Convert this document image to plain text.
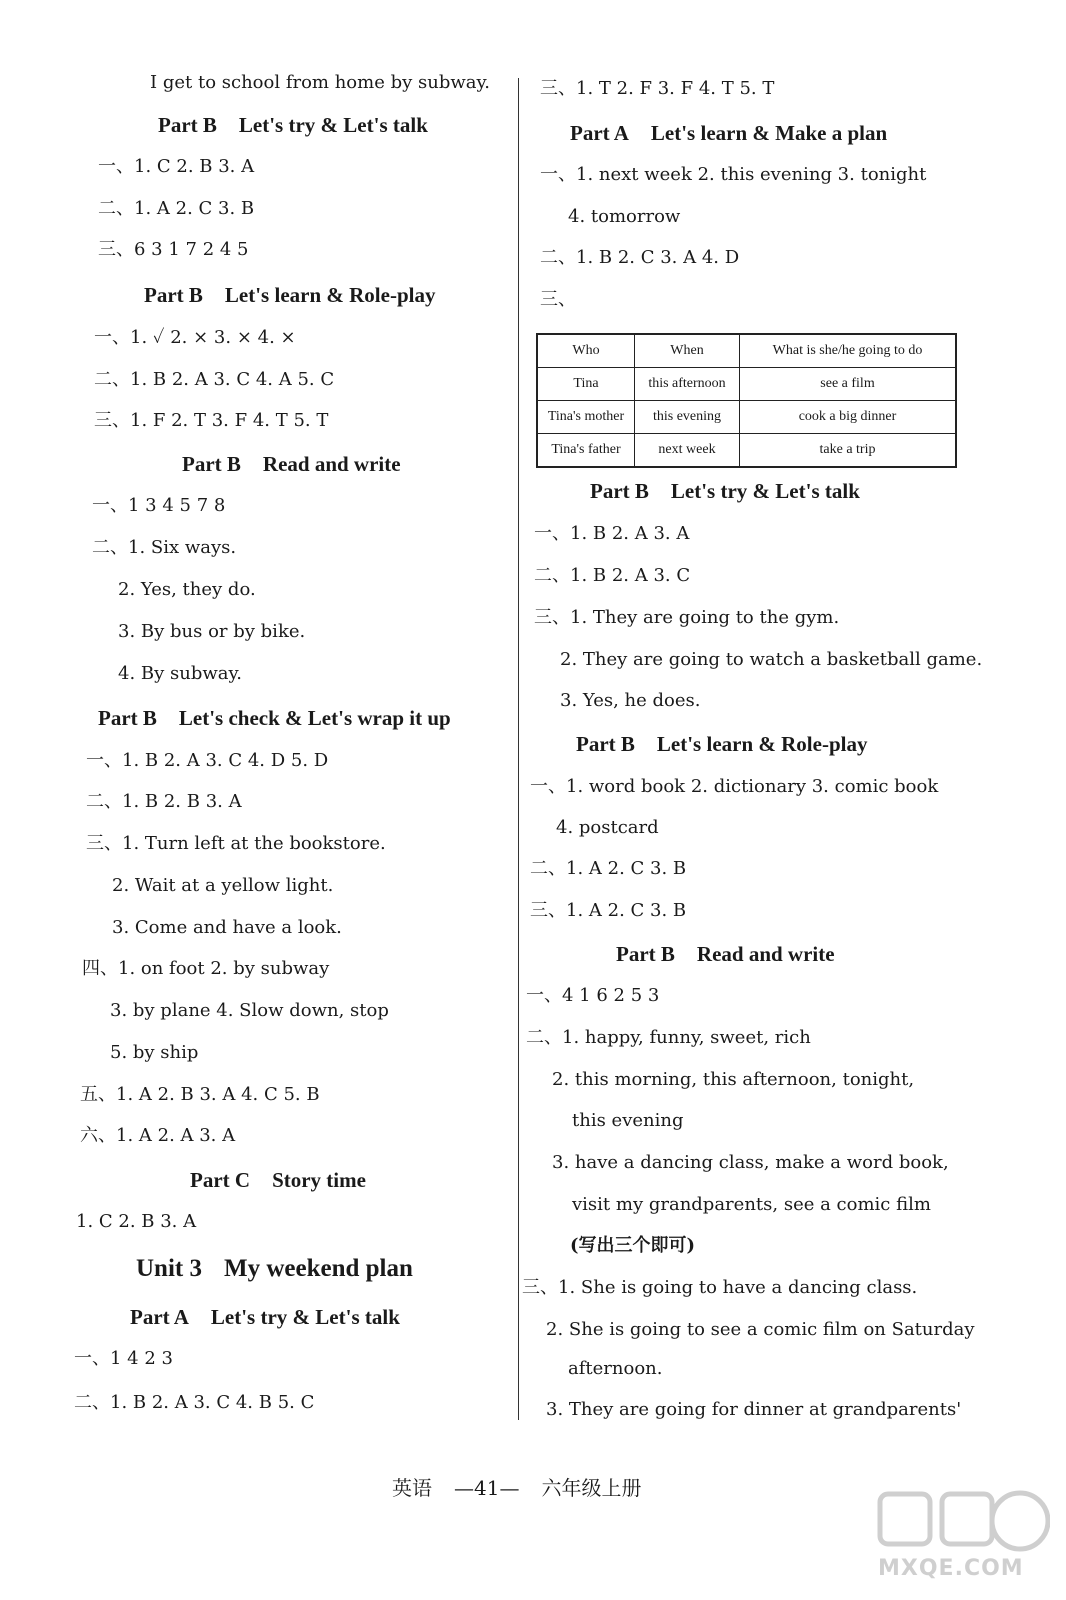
I get to school from home by subway.
Part B Let's try & Let's talk
一、1. C 2. B 3. A
二、1. A 2. C 3. B
三、6 3 1 7 2 4 5
Part B Let's learn & Role-play
一、1. ✓ 2. × 3. × 4. ×
二、1. B 2. A 3. C 4. A 5. C
三、1. F 2. T 3. F 4. T 5. T
Part B Read and write
一、1 3 4 5 7 8
二、1. Six ways.
2. Yes, they do.
3. By bus or by bike.
4. By subway.
Part B Let's check & Let's wrap it up
一、1. B 2. A 3. C 4. D 5. D
二、1. B 2. B 3. A
三、1. Turn left at the bookstore.
2. Wait at a yellow light.
3. Come and have a look.
四、1. on foot 2. by subway
3. by plane 4. Slow down, stop
5. by ship
五、1. A 2. B 3. A 4. C 5. B
六、1. A 2. A 3. A
Part C Story time
1. C 2. B 3. A
Unit 3 My weekend plan
Part A Let's try & Let's talk
一、1 4 2 3
二、1. B 2. A 3. C 4. B 5. C
三、1. T 2. F 3. F 4. T 5. T
Part A Let's learn & Make a plan
一、1. next week 2. this evening 3. tonight
4. tomorrow
二、1. B 2. C 3. A 4. D
三、
Who	When	What is she/he going to do
Tina	this afternoon	see a film
Tina's mother	this evening	cook a big dinner
Tina's father	next week	take a trip
Part B Let's try & Let's talk
一、1. B 2. A 3. A
二、1. B 2. A 3. C
三、1. They are going to the gym.
2. They are going to watch a basketball game.
3. Yes, he does.
Part B Let's learn & Role-play
一、1. word book 2. dictionary 3. comic book
4. postcard
二、1. A 2. C 3. B
三、1. A 2. C 3. B
Part B Read and write
一、4 1 6 2 5 3
二、1. happy, funny, sweet, rich
2. this morning, this afternoon, tonight,
this evening
3. have a dancing class, make a word book,
visit my grandparents, see a comic film
(写出三个即可)
三、1. She is going to have a dancing class.
2. She is going to see a comic film on Saturday
afternoon.
3. They are going for dinner at grandparents'
英语 —41— 六年级上册
MXQE.COM
